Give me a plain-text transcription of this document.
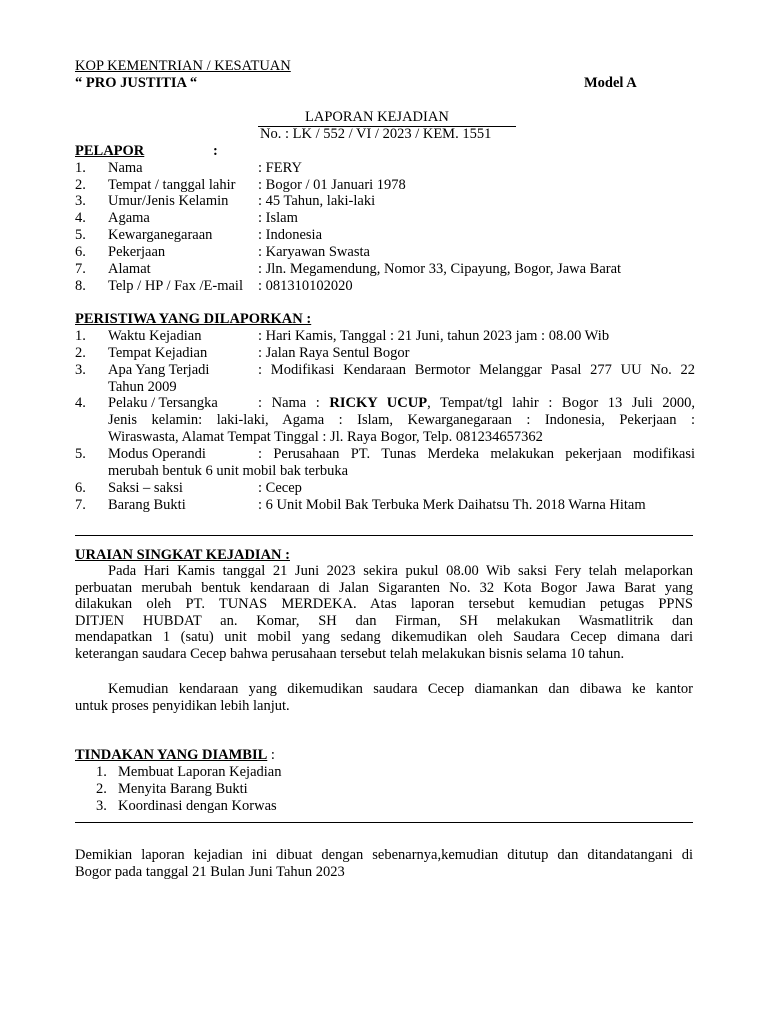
KOP KEMENTRIAN / KESATUAN
“ PRO JUSTITIA “	Model A
LAPORAN KEJADIAN
No. : LK / 552 / VI / 2023 / KEM. 1551
PELAPOR	:
1. Nama	: FERY
2. Tempat / tanggal lahir : Bogor / 01 Januari 1978
3. Umur/Jenis Kelamin : 45 Tahun, laki-laki
4. Agama	: Islam
5. Kewarganegaraan	: Indonesia
6. Pekerjaan	: Karyawan Swasta
7. Alamat	: Jln. Megamendung, Nomor 33, Cipayung, Bogor, Jawa Barat
8. Telp / HP / Fax /E-mail : 081310102020
PERISTIWA YANG DILAPORKAN :
1. Waktu Kejadian	: Hari Kamis, Tanggal : 21 Juni, tahun 2023 jam : 08.00 Wib
2. Tempat Kejadian	: Jalan Raya Sentul Bogor
3. Apa Yang Terjadi	: Modifikasi Kendaraan Bermotor Melanggar Pasal 277 UU No. 22
Tahun 2009
4. Pelaku / Tersangka	: Nama : RICKY UCUP, Tempat/tgl lahir : Bogor 13 Juli 2000,
Jenis kelamin: laki-laki, Agama : Islam, Kewarganegaraan : Indonesia, Pekerjaan :
Wiraswasta, Alamat Tempat Tinggal : Jl. Raya Bogor, Telp. 081234657362
5. Modus Operandi	: Perusahaan PT. Tunas Merdeka melakukan pekerjaan modifikasi
merubah bentuk 6 unit mobil bak terbuka
6. Saksi – saksi	: Cecep
7. Barang Bukti	: 6 Unit Mobil Bak Terbuka Merk Daihatsu Th. 2018 Warna Hitam
URAIAN SINGKAT KEJADIAN :
Pada Hari Kamis tanggal 21 Juni 2023 sekira pukul 08.00 Wib saksi Fery telah melaporkan
perbuatan merubah bentuk kendaraan di Jalan Sigaranten No. 32 Kota Bogor Jawa Barat yang
dilakukan oleh PT. TUNAS MERDEKA. Atas laporan tersebut kemudian petugas PPNS
DITJEN HUBDAT an. Komar, SH dan Firman, SH melakukan Wasmatlitrik dan
mendapatkan 1 (satu) unit mobil yang sedang dikemudikan oleh Saudara Cecep dimana dari
keterangan saudara Cecep bahwa perusahaan tersebut telah melakukan bisnis selama 10 tahun.
Kemudian kendaraan yang dikemudikan saudara Cecep diamankan dan dibawa ke kantor
untuk proses penyidikan lebih lanjut.
TINDAKAN YANG DIAMBIL :
1. Membuat Laporan Kejadian
2. Menyita Barang Bukti
3. Koordinasi dengan Korwas
Demikian laporan kejadian ini dibuat dengan sebenarnya,kemudian ditutup dan ditandatangani di
Bogor pada tanggal 21 Bulan Juni Tahun 2023
